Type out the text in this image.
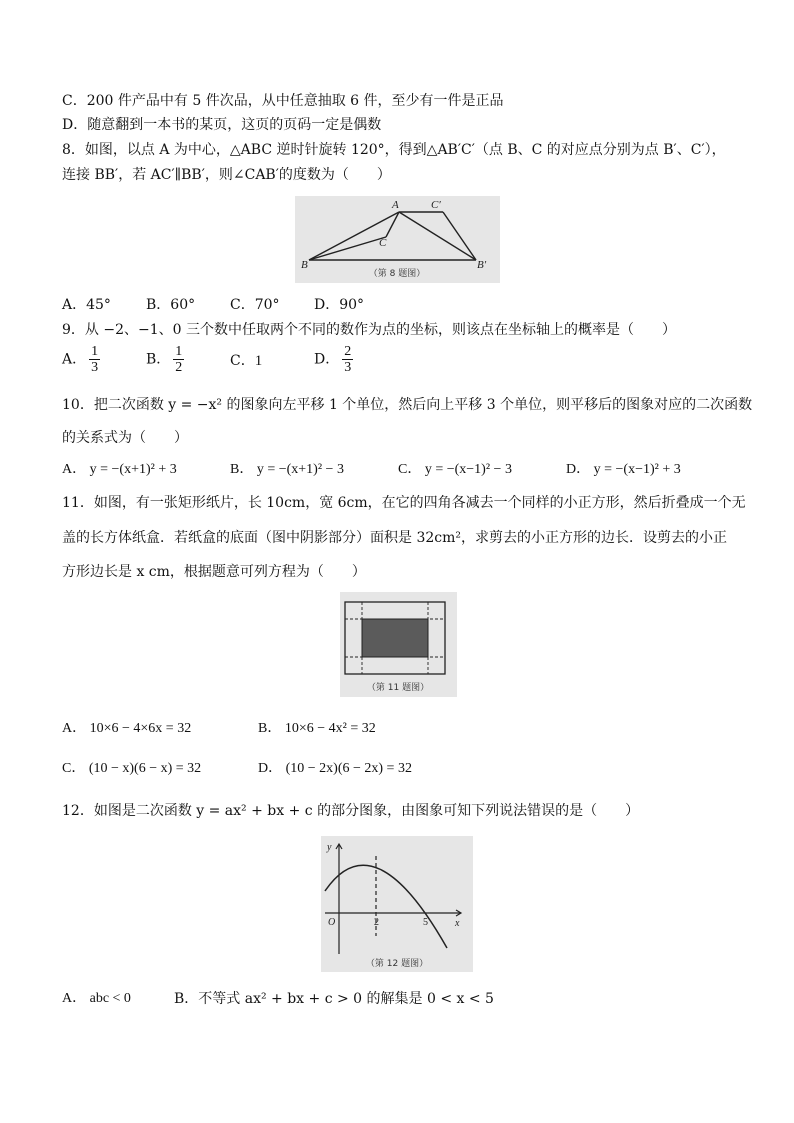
C．200 件产品中有 5 件次品，从中任意抽取 6 件，至少有一件是正品
D．随意翻到一本书的某页，这页的页码一定是偶数
8．如图，以点 A 为中心，△ABC 逆时针旋转 120°，得到△AB′C′（点 B、C 的对应点分别为点 B′、C′），
连接 BB′，若 AC′∥BB′，则∠CAB′的度数为（　　）
A
B
C
B′
C′
（第 8 题图）
A．45°	B．60° C．70° D．90°
9．从 −2、−1、0 三个数中任取两个不同的数作为点的坐标，则该点在坐标轴上的概率是（　　）
A． $\frac{1}{3}$	B． $\frac{1}{2}$	C．1	D． $\frac{2}{3}$
10．把二次函数 y = −x² 的图象向左平移 1 个单位，然后向上平移 3 个单位，则平移后的图象对应的二次函数
的关系式为（　　）
A． y = −(x+1)² + 3	B． y = −(x+1)² − 3	C． y = −(x−1)² − 3	D． y = −(x−1)² + 3
11．如图，有一张矩形纸片，长 10cm，宽 6cm，在它的四角各减去一个同样的小正方形，然后折叠成一个无
盖的长方体纸盒．若纸盒的底面（图中阴影部分）面积是 32cm²，求剪去的小正方形的边长．设剪去的小正
方形边长是 x cm，根据题意可列方程为（　　）
（第 11 题图）
A． 10×6 − 4×6x = 32	B． 10×6 − 4x² = 32
C． (10 − x)(6 − x) = 32	D． (10 − 2x)(6 − 2x) = 32
12．如图是二次函数 y = ax² + bx + c 的部分图象，由图象可知下列说法错误的是（　　）
y
x
O	2	5
（第 12 题图）
A． abc < 0	B．不等式 ax² + bx + c > 0 的解集是 0 < x < 5
